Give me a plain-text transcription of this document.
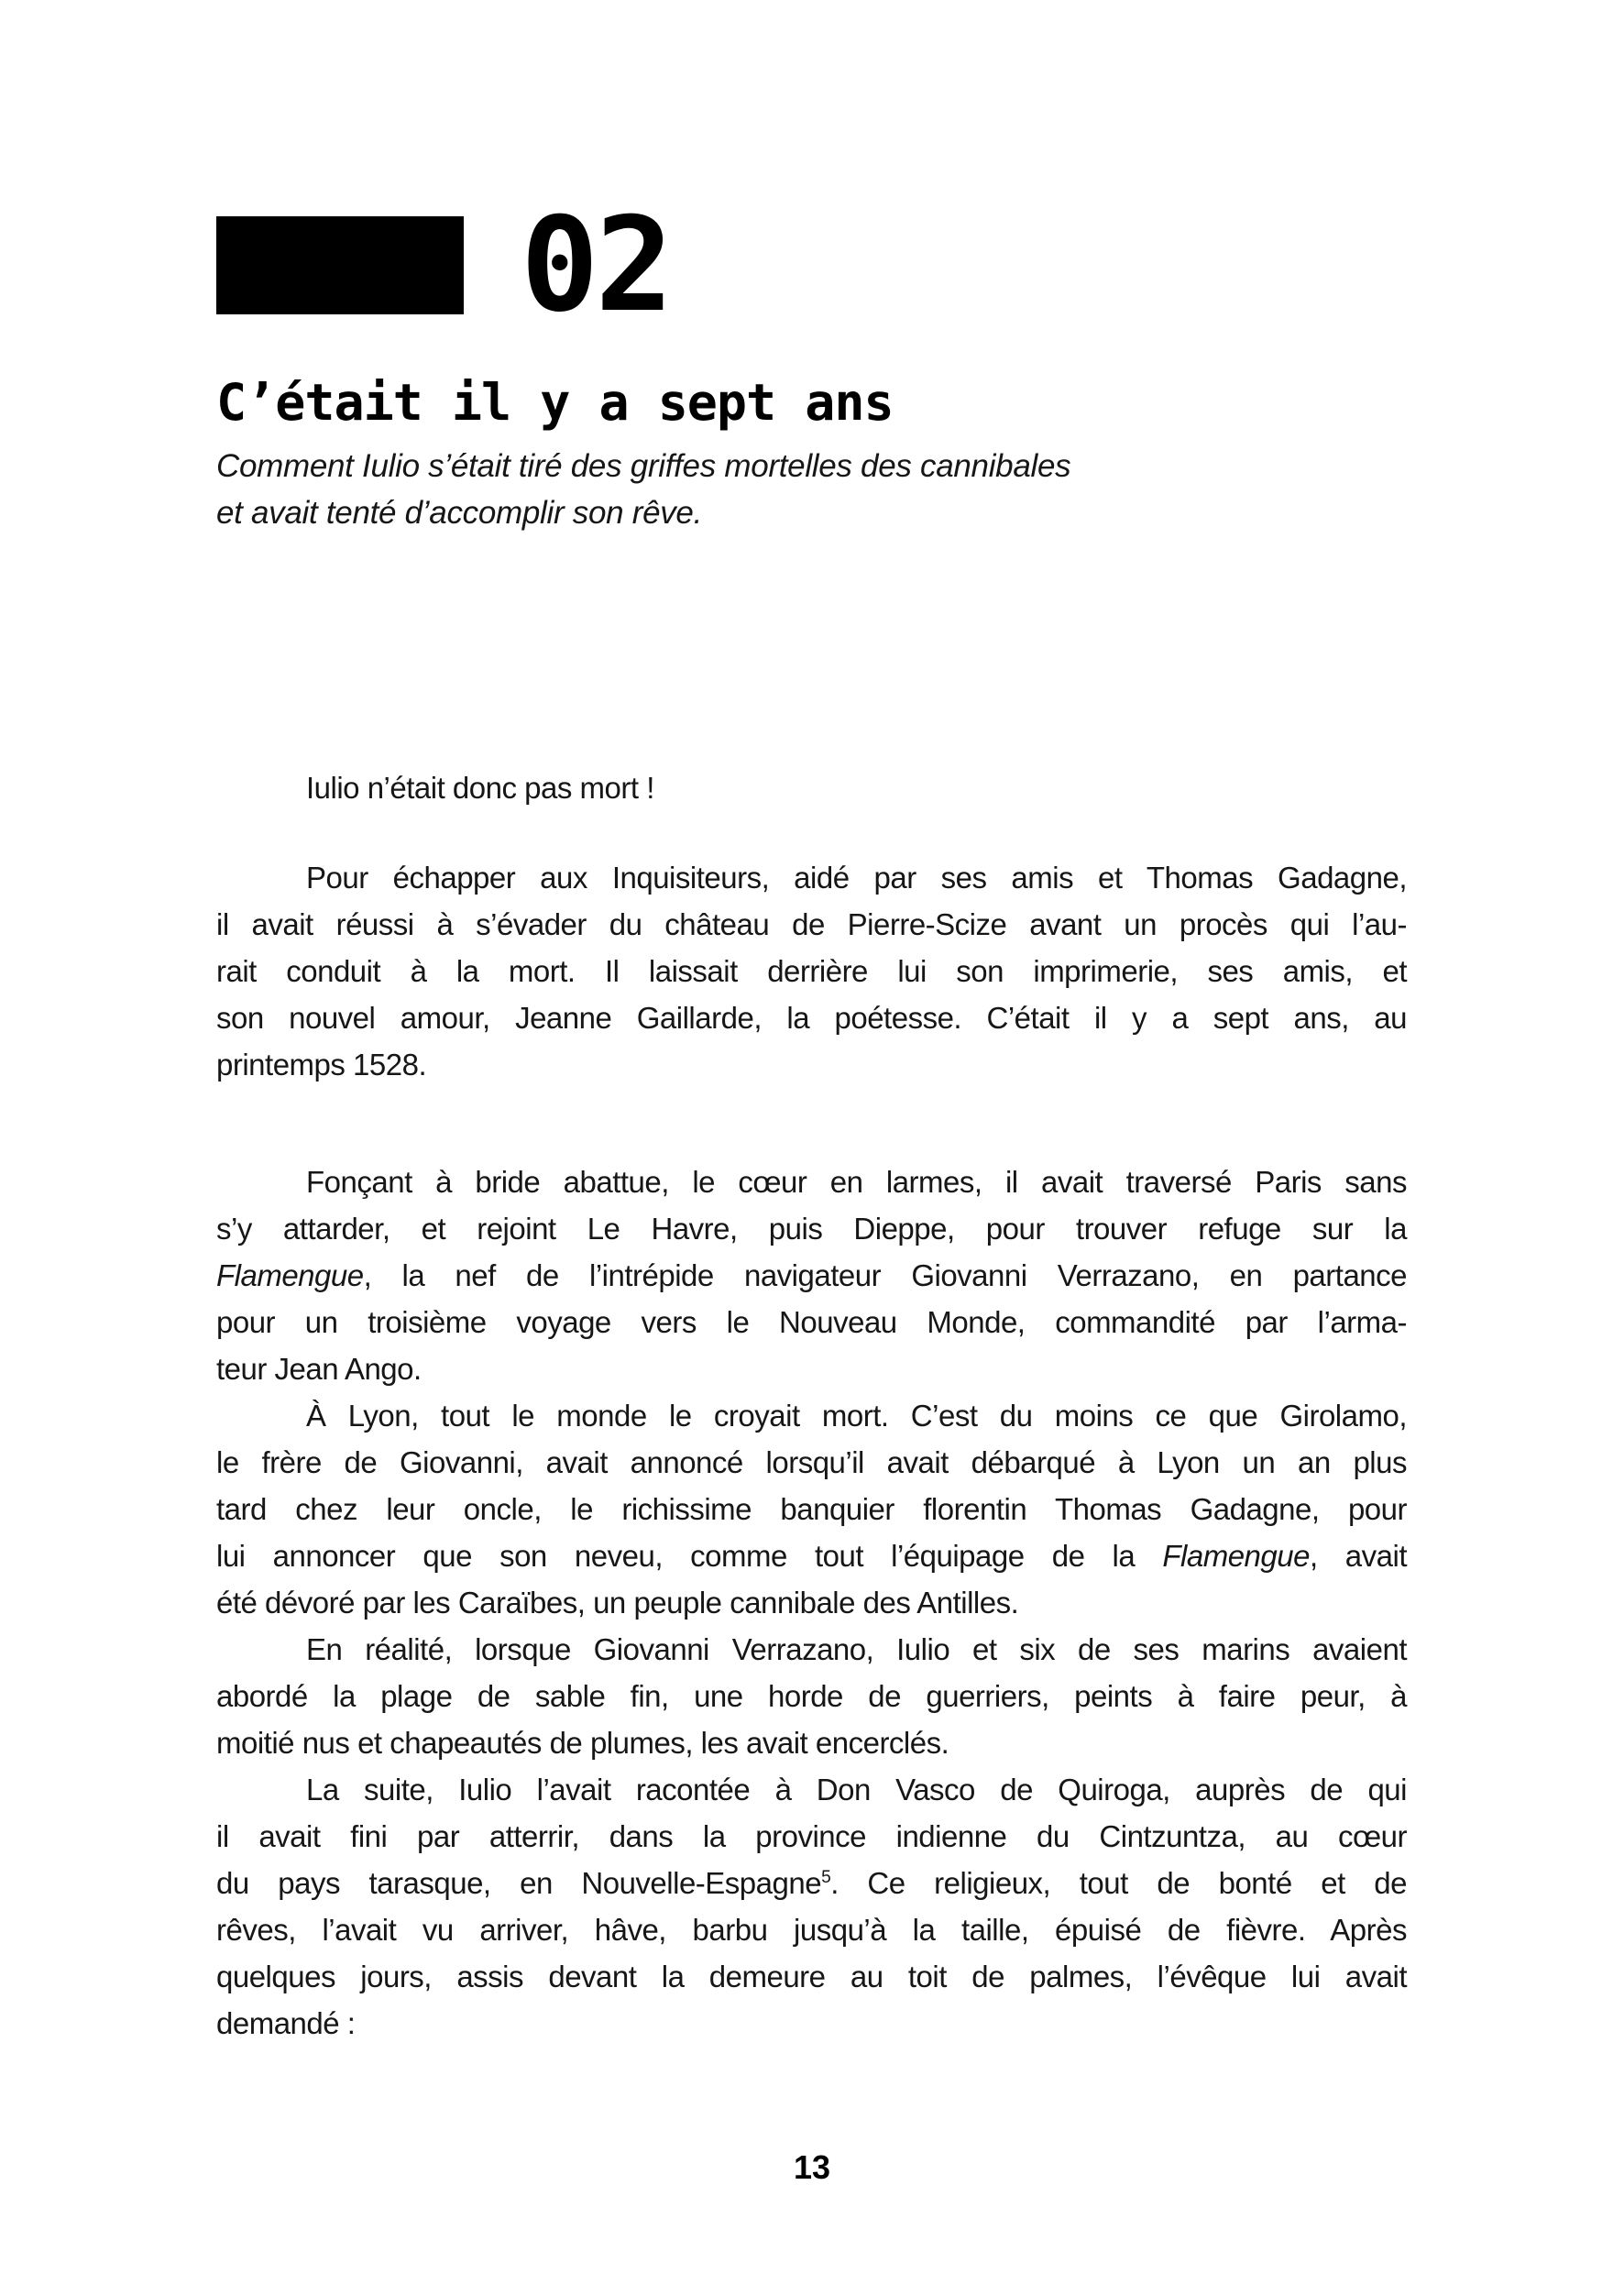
02
C’était il y a sept ans
Comment Iulio s’était tiré des griffes mortelles des cannibales
et avait tenté d’accomplir son rêve.
Iulio n’était donc pas mort !
Pour échapper aux Inquisiteurs, aidé par ses amis et Thomas Gadagne,
il avait réussi à s’évader du château de Pierre-Scize avant un procès qui l’au-
rait conduit à la mort. Il laissait derrière lui son imprimerie, ses amis, et
son nouvel amour, Jeanne Gaillarde, la poétesse. C’était il y a sept ans, au
printemps 1528.
Fonçant à bride abattue, le cœur en larmes, il avait traversé Paris sans
s’y attarder, et rejoint Le Havre, puis Dieppe, pour trouver refuge sur la
Flamengue, la nef de l’intrépide navigateur Giovanni Verrazano, en partance
pour un troisième voyage vers le Nouveau Monde, commandité par l’arma-
teur Jean Ango.
À Lyon, tout le monde le croyait mort. C’est du moins ce que Girolamo,
le frère de Giovanni, avait annoncé lorsqu’il avait débarqué à Lyon un an plus
tard chez leur oncle, le richissime banquier florentin Thomas Gadagne, pour
lui annoncer que son neveu, comme tout l’équipage de la Flamengue, avait
été dévoré par les Caraïbes, un peuple cannibale des Antilles.
En réalité, lorsque Giovanni Verrazano, Iulio et six de ses marins avaient
abordé la plage de sable fin, une horde de guerriers, peints à faire peur, à
moitié nus et chapeautés de plumes, les avait encerclés.
La suite, Iulio l’avait racontée à Don Vasco de Quiroga, auprès de qui
il avait fini par atterrir, dans la province indienne du Cintzuntza, au cœur
du pays tarasque, en Nouvelle-Espagne$^5$. Ce religieux, tout de bonté et de
rêves, l’avait vu arriver, hâve, barbu jusqu’à la taille, épuisé de fièvre. Après
quelques jours, assis devant la demeure au toit de palmes, l’évêque lui avait
demandé :
13
